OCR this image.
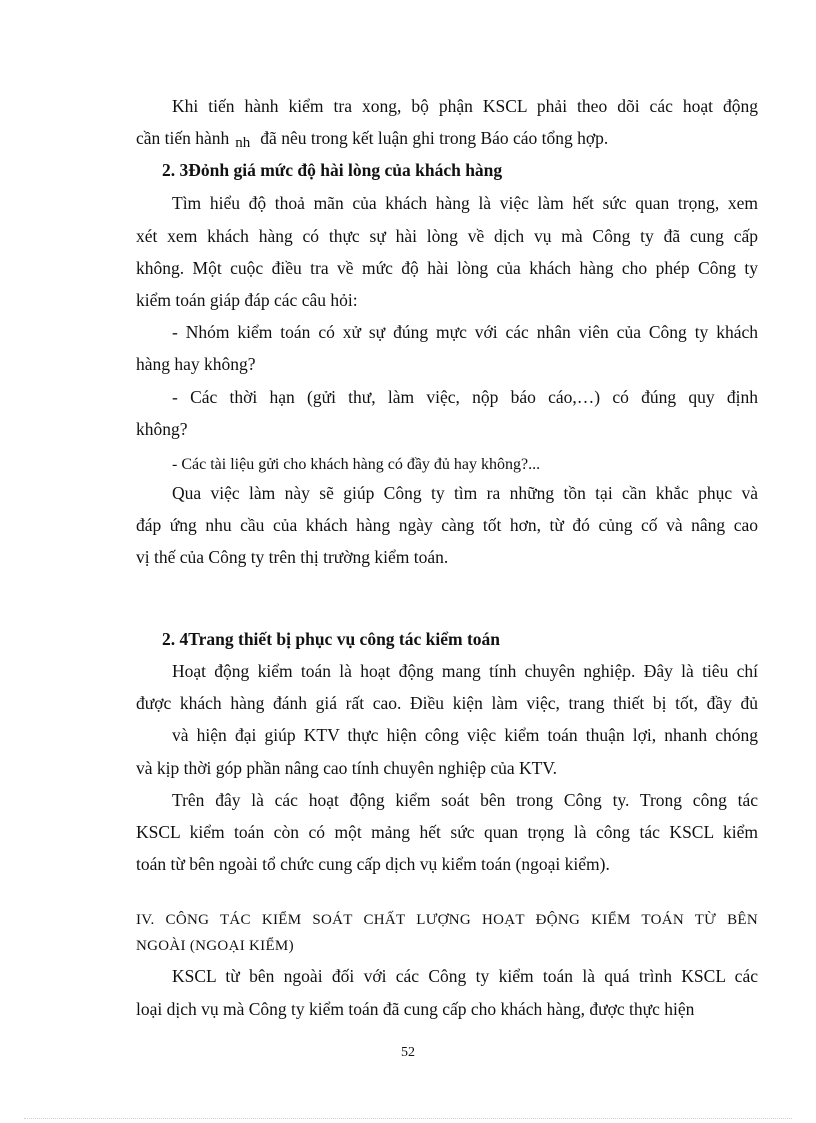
Khi tiến hành kiểm tra xong, bộ phận KSCL phải theo dõi các hoạt động
cần tiến hành nh đã nêu trong kết luận ghi trong Báo cáo tổng hợp.
2. 3Đỏnh giá mức độ hài lòng của khách hàng
Tìm hiểu độ thoả mãn của khách hàng là việc làm hết sức quan trọng, xem
xét xem khách hàng có thực sự hài lòng về dịch vụ mà Công ty đã cung cấp
không. Một cuộc điều tra về mức độ hài lòng của khách hàng cho phép Công ty
kiểm toán giáp đáp các câu hỏi:
- Nhóm kiểm toán có xử sự đúng mực với các nhân viên của Công ty khách
hàng hay không?
- Các thời hạn (gửi thư, làm việc, nộp báo cáo,…) có đúng quy định
không?
- Các tài liệu gửi cho khách hàng có đầy đủ hay không?...
Qua việc làm này sẽ giúp Công ty tìm ra những tồn tại cần khắc phục và
đáp ứng nhu cầu của khách hàng ngày càng tốt hơn, từ đó củng cố và nâng cao
vị thế của Công ty trên thị trường kiểm toán.
2. 4Trang thiết bị phục vụ công tác kiểm toán
Hoạt động kiểm toán là hoạt động mang tính chuyên nghiệp. Đây là tiêu chí
được khách hàng đánh giá rất cao. Điều kiện làm việc, trang thiết bị tốt, đầy đủ
và hiện đại giúp KTV thực hiện công việc kiểm toán thuận lợi, nhanh chóng
và kịp thời góp phần nâng cao tính chuyên nghiệp của KTV.
Trên đây là các hoạt động kiểm soát bên trong Công ty. Trong công tác
KSCL kiểm toán còn có một mảng hết sức quan trọng là công tác KSCL kiểm
toán từ bên ngoài tổ chức cung cấp dịch vụ kiểm toán (ngoại kiểm).
IV. CÔNG TÁC KIỂM SOÁT CHẤT LƯỢNG HOẠT ĐỘNG KIỂM TOÁN TỪ BÊN
NGOÀI (NGOẠI KIỂM)
KSCL từ bên ngoài đối với các Công ty kiểm toán là quá trình KSCL các
loại dịch vụ mà Công ty kiểm toán đã cung cấp cho khách hàng, được thực hiện
52
